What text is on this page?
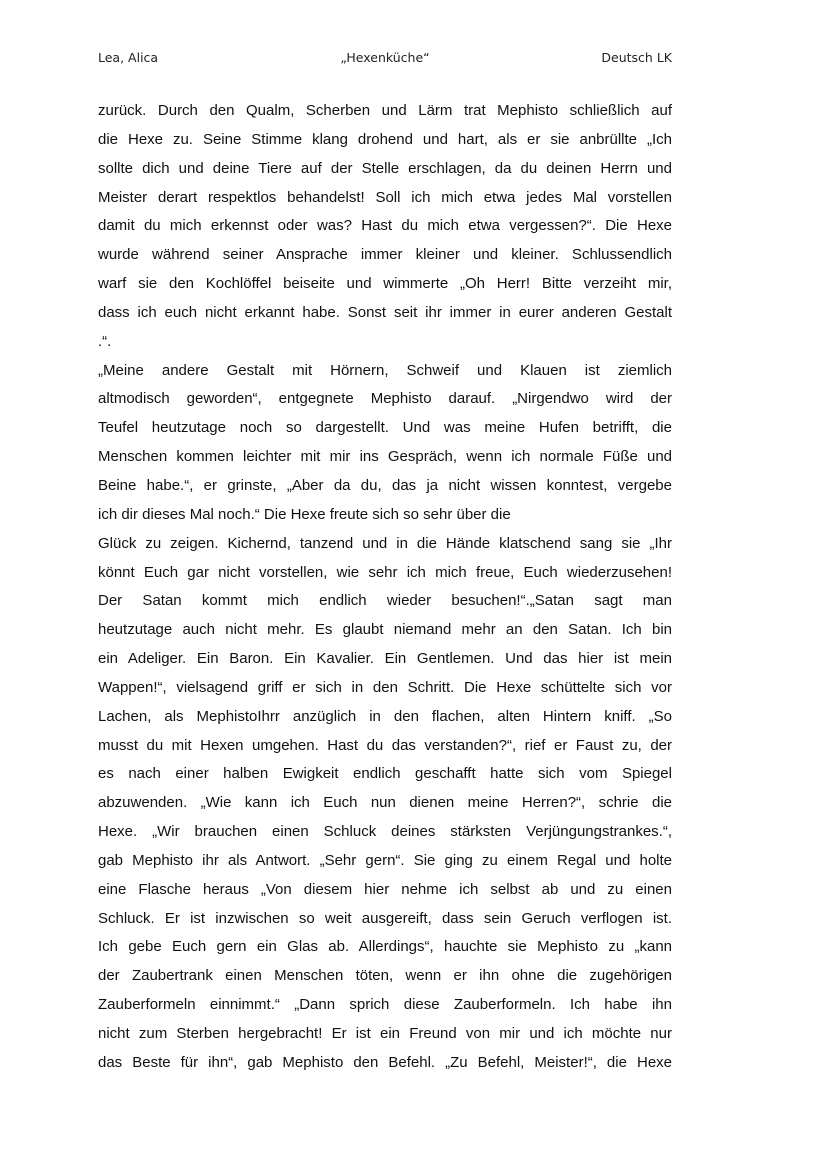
Lea, Alica	„Hexenküche“	Deutsch LK
zurück. Durch den Qualm, Scherben und Lärm trat Mephisto schließlich auf
die Hexe zu. Seine Stimme klang drohend und hart, als er sie anbrüllte „Ich
sollte dich und deine Tiere auf der Stelle erschlagen, da du deinen Herrn und
Meister derart respektlos behandelst! Soll ich mich etwa jedes Mal vorstellen
damit du mich erkennst oder was? Hast du mich etwa vergessen?“. Die Hexe
wurde während seiner Ansprache immer kleiner und kleiner. Schlussendlich
warf sie den Kochlöffel beiseite und wimmerte „Oh Herr! Bitte verzeiht mir,
dass ich euch nicht erkannt habe. Sonst seit ihr immer in eurer anderen Gestalt
.“.
„Meine andere Gestalt mit Hörnern, Schweif und Klauen ist ziemlich
altmodisch geworden“, entgegnete Mephisto darauf. „Nirgendwo wird der
Teufel heutzutage noch so dargestellt. Und was meine Hufen betrifft, die
Menschen kommen leichter mit mir ins Gespräch, wenn ich normale Füße und
Beine habe.“, er grinste, „Aber da du, das ja nicht wissen konntest, vergebe
ich dir dieses Mal noch.“ Die Hexe freute sich so sehr über die
Glück zu zeigen. Kichernd, tanzend und in die Hände klatschend sang sie „Ihr
könnt Euch gar nicht vorstellen, wie sehr ich mich freue, Euch wiederzusehen!
Der Satan kommt mich endlich wieder besuchen!“.„Satan sagt man
heutzutage auch nicht mehr. Es glaubt niemand mehr an den Satan. Ich bin
ein Adeliger. Ein Baron. Ein Kavalier. Ein Gentlemen. Und das hier ist mein
Wappen!“, vielsagend griff er sich in den Schritt. Die Hexe schüttelte sich vor
Lachen, als MephistoIhrr anzüglich in den flachen, alten Hintern kniff. „So
musst du mit Hexen umgehen. Hast du das verstanden?“, rief er Faust zu, der
es nach einer halben Ewigkeit endlich geschafft hatte sich vom Spiegel
abzuwenden. „Wie kann ich Euch nun dienen meine Herren?“, schrie die
Hexe. „Wir brauchen einen Schluck deines stärksten Verjüngungstrankes.“,
gab Mephisto ihr als Antwort. „Sehr gern“. Sie ging zu einem Regal und holte
eine Flasche heraus „Von diesem hier nehme ich selbst ab und zu einen
Schluck. Er ist inzwischen so weit ausgereift, dass sein Geruch verflogen ist.
Ich gebe Euch gern ein Glas ab. Allerdings“, hauchte sie Mephisto zu „kann
der Zaubertrank einen Menschen töten, wenn er ihn ohne die zugehörigen
Zauberformeln einnimmt.“ „Dann sprich diese Zauberformeln. Ich habe ihn
nicht zum Sterben hergebracht! Er ist ein Freund von mir und ich möchte nur
das Beste für ihn“, gab Mephisto den Befehl. „Zu Befehl, Meister!“, die Hexe
